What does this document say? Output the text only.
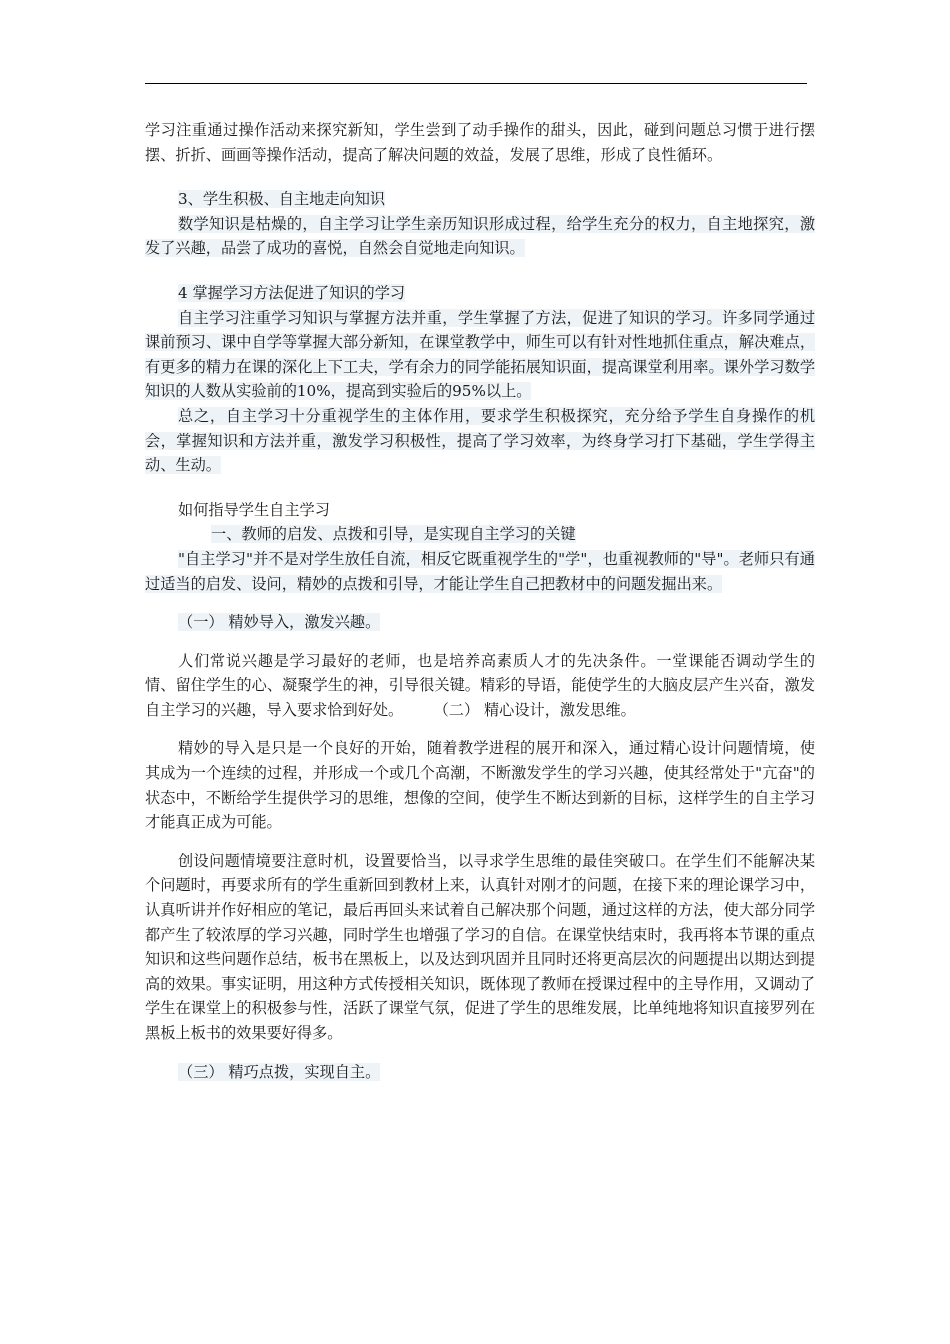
学习注重通过操作活动来探究新知，学生尝到了动手操作的甜头，因此，碰到问题总习惯于进行摆摆、折折、画画等操作活动，提高了解决问题的效益，发展了思维，形成了良性循环。

3、学生积极、自主地走向知识

数学知识是枯燥的，自主学习让学生亲历知识形成过程，给学生充分的权力，自主地探究，激发了兴趣，品尝了成功的喜悦，自然会自觉地走向知识。

4 掌握学习方法促进了知识的学习

自主学习注重学习知识与掌握方法并重，学生掌握了方法，促进了知识的学习。许多同学通过课前预习、课中自学等掌握大部分新知，在课堂教学中，师生可以有针对性地抓住重点，解决难点，有更多的精力在课的深化上下工夫，学有余力的同学能拓展知识面，提高课堂利用率。课外学习数学知识的人数从实验前的10%，提高到实验后的95%以上。

总之，自主学习十分重视学生的主体作用，要求学生积极探究，充分给予学生自身操作的机会，掌握知识和方法并重，激发学习积极性，提高了学习效率，为终身学习打下基础，学生学得主动、生动。

如何指导学生自主学习

一、教师的启发、点拨和引导，是实现自主学习的关键

"自主学习"并不是对学生放任自流，相反它既重视学生的"学"，也重视教师的"导"。老师只有通过适当的启发、设问，精妙的点拨和引导，才能让学生自己把教材中的问题发掘出来。

（一） 精妙导入，激发兴趣。

人们常说兴趣是学习最好的老师，也是培养高素质人才的先决条件。一堂课能否调动学生的情、留住学生的心、凝聚学生的神，引导很关键。精彩的导语，能使学生的大脑皮层产生兴奋，激发自主学习的兴趣，导入要求恰到好处。   （二） 精心设计，激发思维。

精妙的导入是只是一个良好的开始，随着教学进程的展开和深入，通过精心设计问题情境，使其成为一个连续的过程，并形成一个或几个高潮，不断激发学生的学习兴趣，使其经常处于"亢奋"的状态中，不断给学生提供学习的思维，想像的空间，使学生不断达到新的目标，这样学生的自主学习才能真正成为可能。

创设问题情境要注意时机，设置要恰当，以寻求学生思维的最佳突破口。在学生们不能解决某个问题时，再要求所有的学生重新回到教材上来，认真针对刚才的问题，在接下来的理论课学习中，认真听讲并作好相应的笔记，最后再回头来试着自己解决那个问题，通过这样的方法，使大部分同学都产生了较浓厚的学习兴趣，同时学生也增强了学习的自信。在课堂快结束时，我再将本节课的重点知识和这些问题作总结，板书在黑板上，以及达到巩固并且同时还将更高层次的问题提出以期达到提高的效果。事实证明，用这种方式传授相关知识，既体现了教师在授课过程中的主导作用，又调动了学生在课堂上的积极参与性，活跃了课堂气氛，促进了学生的思维发展，比单纯地将知识直接罗列在黑板上板书的效果要好得多。

（三） 精巧点拨，实现自主。
